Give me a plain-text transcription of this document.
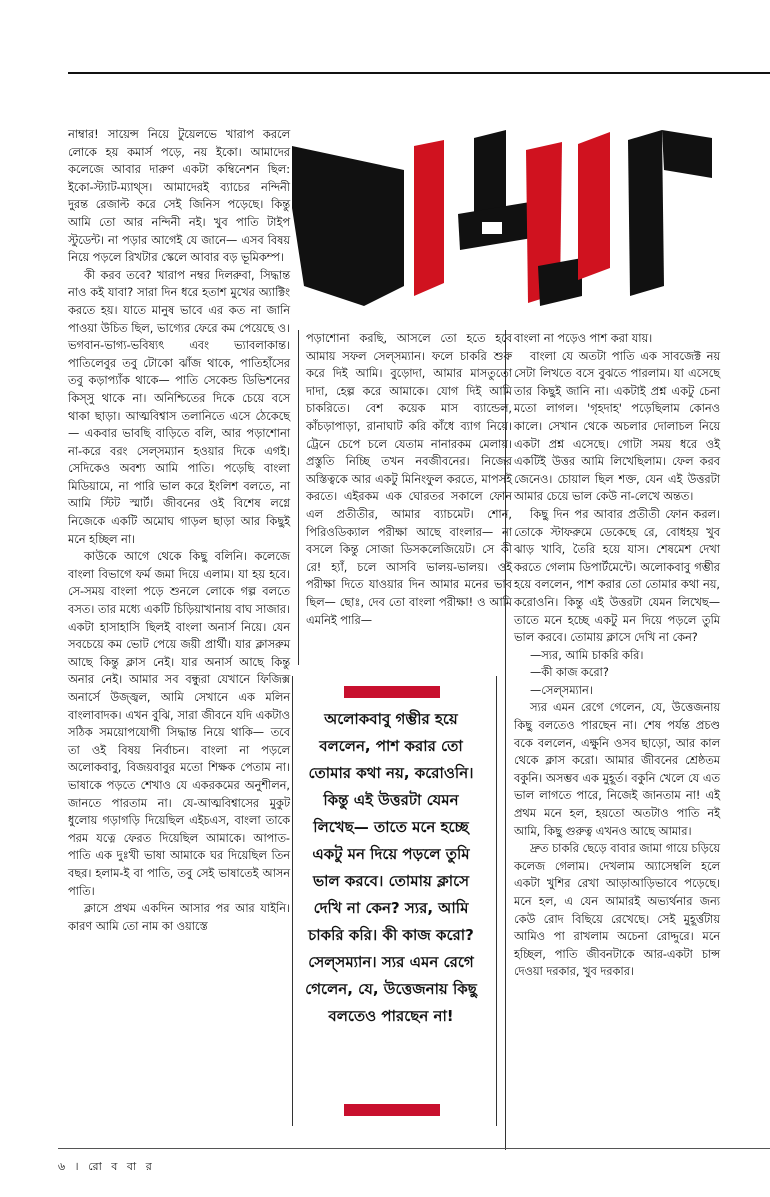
নাম্বার! সায়েন্স নিয়ে টুয়েলভে খারাপ করলে লোকে হয় কমার্স পড়ে, নয় ইকো। আমাদের কলেজে আবার দারুণ একটা কম্বিনেশন ছিল: ইকো-স্ট্যাট-ম্যাথ্স। আমাদেরই ব্যাচের নন্দিনী দুরন্ত রেজাল্ট করে সেই জিনিস পড়েছে। কিন্তু আমি তো আর নন্দিনী নই। খুব পাতি টাইপ স্টুডেন্ট। না পড়ার আগেই যে জানে— এসব বিষয় নিয়ে পড়লে রিখটার স্কেলে আবার বড় ভূমিকম্প।

কী করব তবে? খারাপ নম্বর দিলরুবা, সিদ্ধান্ত নাও কই যাবা? সারা দিন ধরে হতাশ মুখের অ্যাক্টিং করতে হয়। যাতে মানুষ ভাবে এর কত না জানি পাওয়া উচিত ছিল, ভাগ্যের ফেরে কম পেয়েছে ও। ভগবান-ভাগ্য-ভবিষ্যৎ এবং ভ্যাবলাকান্ত। পাতিলেবুর তবু টোকো ঝাঁজ থাকে, পাতিহাঁসের তবু কড়াপ্যাঁক থাকে— পাতি সেকেন্ড ডিভিশনের কিস্সু থাকে না। অনিশ্চিতের দিকে চেয়ে বসে থাকা ছাড়া। আত্মবিশ্বাস তলানিতে এসে ঠেকেছে— একবার ভাবছি বাড়িতে বলি, আর পড়াশোনা না-করে বরং সেল্সম্যান হওয়ার দিকে এগই। সেদিকেও অবশ্য আমি পাতি। পড়েছি বাংলা মিডিয়ামে, না পারি ভাল করে ইংলিশ বলতে, না আমি স্টিট স্মার্ট। জীবনের ওই বিশেষ লগ্নে নিজেকে একটি অমোঘ গাড়ল ছাড়া আর কিছুই মনে হচ্ছিল না।

কাউকে আগে থেকে কিছু বলিনি। কলেজে বাংলা বিভাগে ফর্ম জমা দিয়ে এলাম। যা হয় হবে। সে-সময় বাংলা পড়ে শুনলে লোকে গল্প বলতে বসত। তার মধ্যে একটি চিড়িয়াখানায় বাঘ সাজার। একটা হাসাহাসি ছিলই বাংলা অনার্স নিয়ে। যেন সবচেয়ে কম ভোট পেয়ে জয়ী প্রার্থী। যার ক্লাসরুম আছে কিন্তু ক্লাস নেই। যার অনার্স আছে কিন্তু অনার নেই। আমার সব বন্ধুরা যেখানে ফিজিক্স অনার্সে উজ্জ্বল, আমি সেখানে এক মলিন বাংলাবাদক। এখন বুঝি, সারা জীবনে যদি একটাও সঠিক সময়োপযোগী সিদ্ধান্ত নিয়ে থাকি— তবে তা ওই বিষয় নির্বাচন। বাংলা না পড়লে অলোকবাবু, বিজয়বাবুর মতো শিক্ষক পেতাম না। ভাষাকে পড়তে শেখাও যে একরকমের অনুশীলন, জানতে পারতাম না। যে-আত্মবিশ্বাসের মুকুট ধুলোয় গড়াগড়ি দিয়েছিল এইচএস, বাংলা তাকে পরম যত্নে ফেরত দিয়েছিল আমাকে। আপাত-পাতি এক দুঃখী ভাষা আমাকে ঘর দিয়েছিল তিন বছর। হলাম-ই বা পাতি, তবু সেই ভাষাতেই আসন পাতি।

ক্লাসে প্রথম একদিন আসার পর আর যাইনি। কারণ আমি তো নাম কা ওয়াস্তে

পড়াশোনা করছি, আসলে তো হতে হবে আমায় সফল সেল্সম্যান। ফলে চাকরি শুরু করে দিই আমি। বুড়োদা, আমার মাসতুতো দাদা, হেল্প করে আমাকে। যোগ দিই আমি চাকরিতে। বেশ কয়েক মাস ব্যান্ডেল, কাঁচড়াপাড়া, রানাঘাট করি কাঁধে ব্যাগ নিয়ে। ট্রেনে চেপে চলে যেতাম নানারকম মেলায়। প্রস্তুতি নিচ্ছি তখন নবজীবনের। নিজের অস্তিত্বকে আর একটু মিনিংফুল করতে, মাপসই করতে। এইরকম এক ঘোরতর সকালে ফোন এল প্রতীতীর, আমার ব্যাচমেট। শোন, পিরিওডিক্যাল পরীক্ষা আছে বাংলার— না বসলে কিন্তু সোজা ডিসকলেজিয়েট। সে কী রে! হ্যাঁ, চলে আসবি ভালয়-ভালয়। ওই পরীক্ষা দিতে যাওয়ার দিন আমার মনের ভাব ছিল— ছোঃ, দেব তো বাংলা পরীক্ষা! ও আমি এমনিই পারি—

বাংলা না পড়েও পাশ করা যায়।

বাংলা যে অতটা পাতি এক সাবজেক্ট নয় সেটা লিখতে বসে বুঝতে পারলাম। যা এসেছে তার কিছুই জানি না। একটাই প্রশ্ন একটু চেনা মতো লাগল। 'গৃহদাহ' পড়েছিলাম কোনও কালে। সেখান থেকে অচলার দোলাচল নিয়ে একটা প্রশ্ন এসেছে। গোটা সময় ধরে ওই একটিই উত্তর আমি লিখেছিলাম। ফেল করব জেনেও। চোয়াল ছিল শক্ত, যেন এই উত্তরটা আমার চেয়ে ভাল কেউ না-লেখে অন্তত।

কিছু দিন পর আবার প্রতীতী ফোন করল। তোকে স্টাফরুমে ডেকেছে রে, বোধহয় খুব ঝাড় খাবি, তৈরি হয়ে যাস। শেষমেশ দেখা করতে গেলাম ডিপার্টমেন্টে। অলোকবাবু গম্ভীর হয়ে বললেন, পাশ করার তো তোমার কথা নয়, করোওনি। কিন্তু এই উত্তরটা যেমন লিখেছ— তাতে মনে হচ্ছে একটু মন দিয়ে পড়লে তুমি ভাল করবে। তোমায় ক্লাসে দেখি না কেন?

—স্যর, আমি চাকরি করি।

—কী কাজ করো?

—সেল্সম্যান।

স্যর এমন রেগে গেলেন, যে, উত্তেজনায় কিছু বলতেও পারছেন না। শেষ পর্যন্ত প্রচণ্ড বকে বললেন, এক্ষুনি ওসব ছাড়ো, আর কাল থেকে ক্লাস করো। আমার জীবনের শ্রেষ্ঠতম বকুনি। অসম্ভব এক মুহূর্ত। বকুনি খেলে যে এত ভাল লাগতে পারে, নিজেই জানতাম না! এই প্রথম মনে হল, হয়তো অতটাও পাতি নই আমি, কিছু গুরুত্ব এখনও আছে আমার।

দ্রুত চাকরি ছেড়ে বাবার জামা গায়ে চড়িয়ে কলেজ গেলাম। দেখলাম অ্যাসেম্বলি হলে একটা খুশির রেখা আড়াআড়িভাবে পড়েছে। মনে হল, এ যেন আমারই অভ্যর্থনার জন্য কেউ রোদ বিছিয়ে রেখেছে। সেই মুহূর্ত্তটায় আমিও পা রাখলাম অচেনা রোদ্দুরে। মনে হচ্ছিল, পাতি জীবনটাকে আর-একটা চান্স দেওয়া দরকার, খুব দরকার।

অলোকবাবু গম্ভীর হয়ে বললেন, পাশ করার তো তোমার কথা নয়, করোওনি। কিন্তু এই উত্তরটা যেমন লিখেছ— তাতে মনে হচ্ছে একটু মন দিয়ে পড়লে তুমি ভাল করবে। তোমায় ক্লাসে দেখি না কেন? স্যর, আমি চাকরি করি। কী কাজ করো? সেল্সম্যান। স্যর এমন রেগে গেলেন, যে, উত্তেজনায় কিছু বলতেও পারছেন না!
৬ । রো ব বা র
